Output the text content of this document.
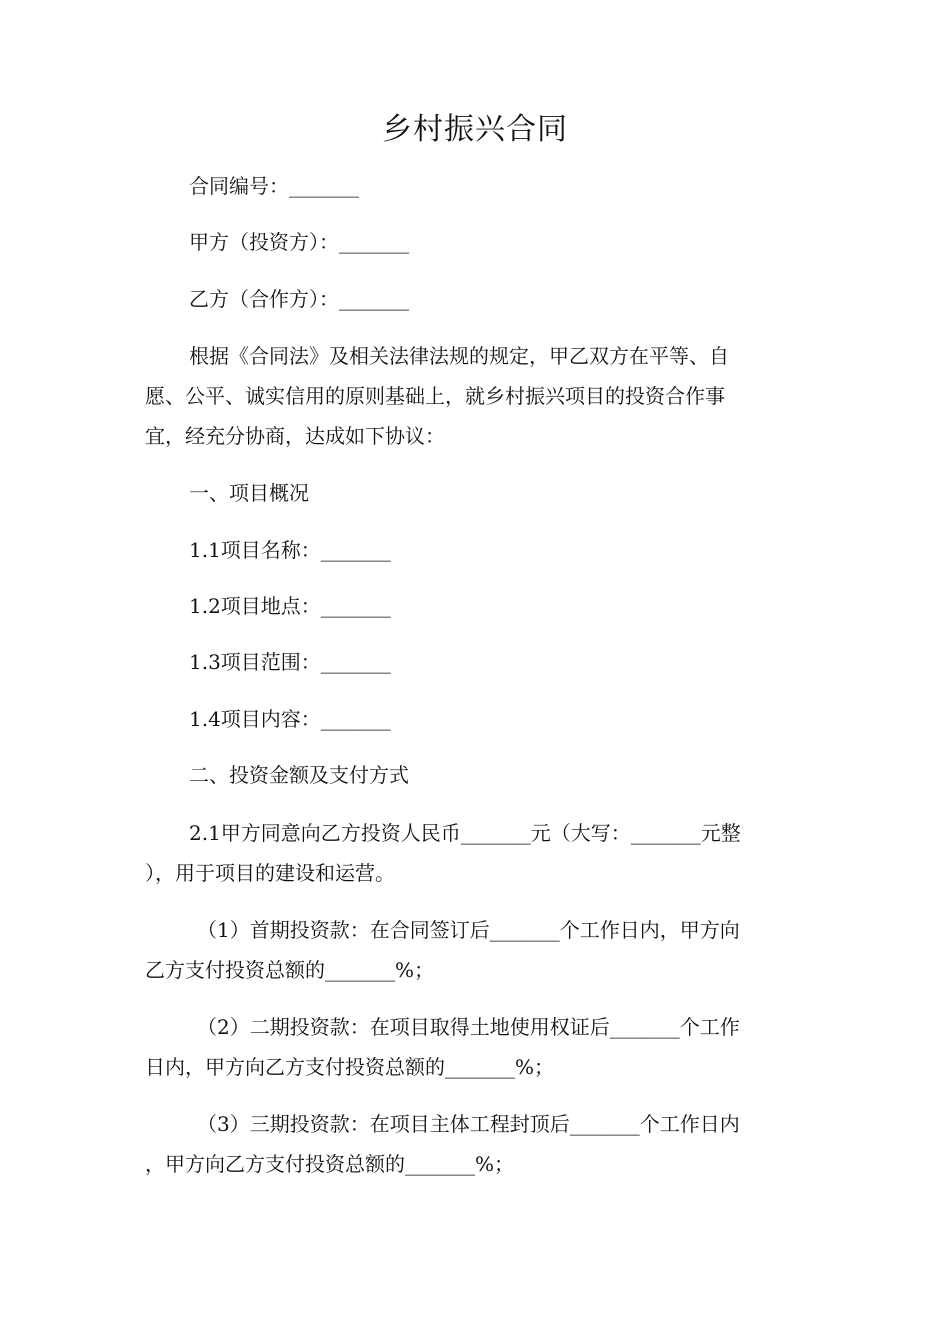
乡村振兴合同
合同编号：_______
甲方（投资方）：_______
乙方（合作方）：_______
根据《合同法》及相关法律法规的规定，甲乙双方在平等、自
愿、公平、诚实信用的原则基础上，就乡村振兴项目的投资合作事
宜，经充分协商，达成如下协议：
一、项目概况
1.1项目名称：_______
1.2项目地点：_______
1.3项目范围：_______
1.4项目内容：_______
二、投资金额及支付方式
2.1甲方同意向乙方投资人民币_______元（大写：_______元整
），用于项目的建设和运营。
（1）首期投资款：在合同签订后_______个工作日内，甲方向
乙方支付投资总额的_______%；
（2）二期投资款：在项目取得土地使用权证后_______个工作
日内，甲方向乙方支付投资总额的_______%；
（3）三期投资款：在项目主体工程封顶后_______个工作日内
，甲方向乙方支付投资总额的_______%；
